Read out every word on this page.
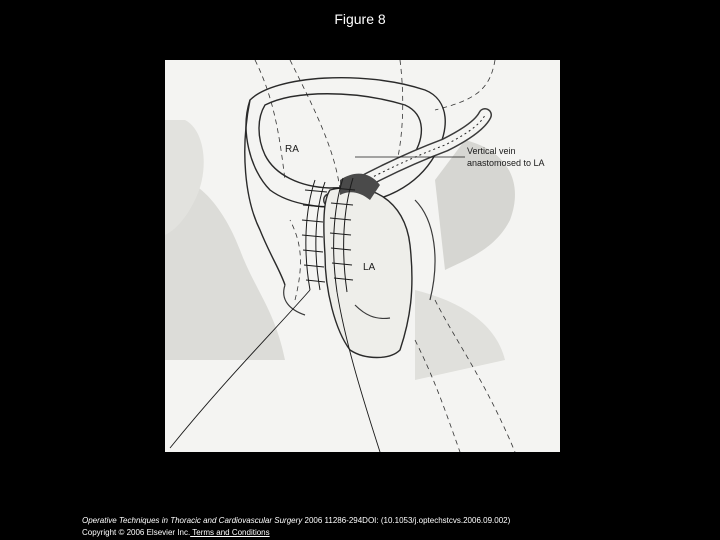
Figure 8
RA
LA
Vertical vein
anastomosed to LA
Operative Techniques in Thoracic and Cardiovascular Surgery 2006 11286-294DOI: (10.1053/j.optechstcvs.2006.09.002)
Copyright © 2006 Elsevier Inc. Terms and Conditions
